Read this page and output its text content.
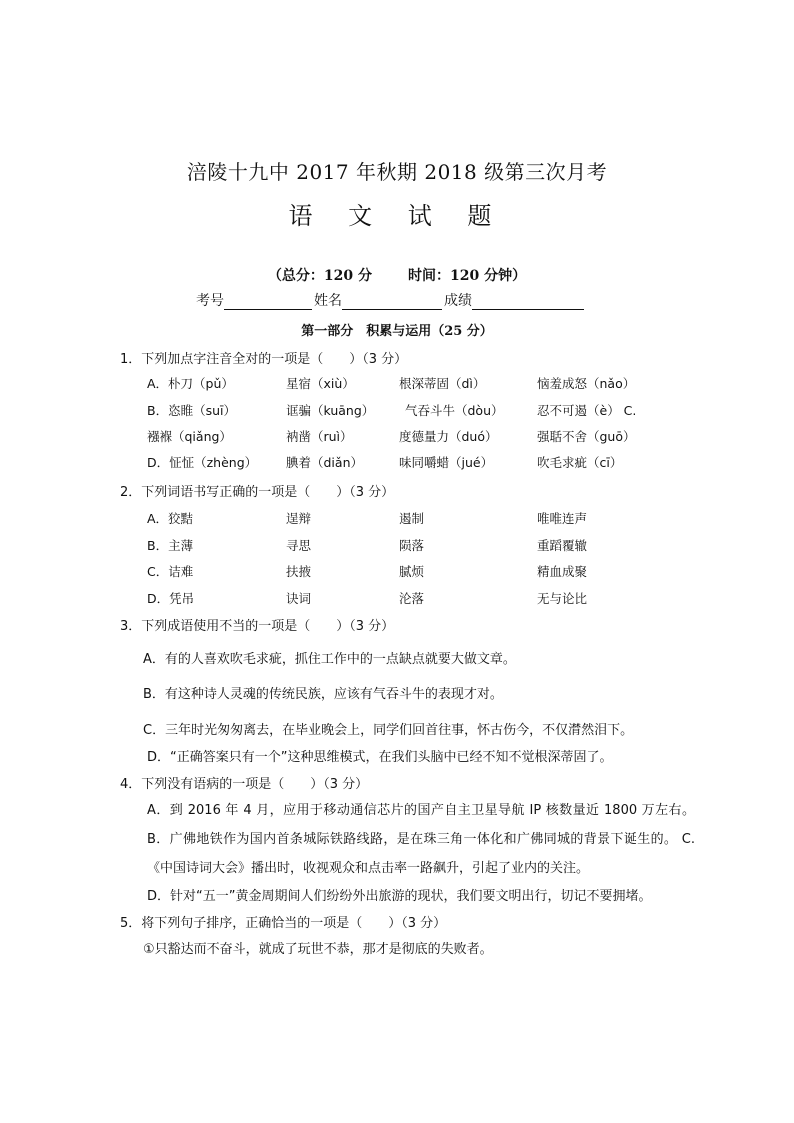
涪陵十九中 2017 年秋期 2018 级第三次月考
语 文 试 题
（总分：120 分	时间：120 分钟）
考号	姓名	成绩
第一部分　积累与运用（25 分）
1．下列加点字注音全对的一项是（　　）（3 分）
A．朴刀（pǔ）	星宿（xiù）	根深蒂固（dì）	恼羞成怒（nǎo）
B．恣睢（suī）	诓骗（kuāng） 气吞斗牛（dòu）	忍不可遏（è） C.
襁褓（qiǎng）	衲凿（ruì）	度德量力（duó）	强聒不舍（guō）
D．怔怔（zhèng） 腆着（diǎn）	味同嚼蜡（jué）	吹毛求疵（cī）
2．下列词语书写正确的一项是（　　）（3 分）
A．狡黠	逞辩	遏制	唯唯连声
B．主薄	寻思	陨落	重蹈覆辙
C．诘难	扶掖	腻烦	精血成聚
D．凭吊	诀词	沦落	无与论比
3．下列成语使用不当的一项是（　　）（3 分）
A．有的人喜欢吹毛求疵，抓住工作中的一点缺点就要大做文章。
B．有这种诗人灵魂的传统民族，应该有气吞斗牛的表现才对。
C．三年时光匆匆离去，在毕业晚会上，同学们回首往事，怀古伤今，不仅潸然泪下。
D．“正确答案只有一个”这种思维模式，在我们头脑中已经不知不觉根深蒂固了。
4．下列没有语病的一项是（　　）（3 分）
A．到 2016 年 4 月，应用于移动通信芯片的国产自主卫星导航 IP 核数量近 1800 万左右。B．广佛地铁作为国内首条城际铁路线路，是在珠三角一体化和广佛同城的背景下诞生的。 C.《中国诗词大会》播出时，收视观众和点击率一路飙升，引起了业内的关注。
D．针对“五一”黄金周期间人们纷纷外出旅游的现状，我们要文明出行，切记不要拥堵。
5．将下列句子排序，正确恰当的一项是（　　）（3 分）
①只豁达而不奋斗，就成了玩世不恭，那才是彻底的失败者。
